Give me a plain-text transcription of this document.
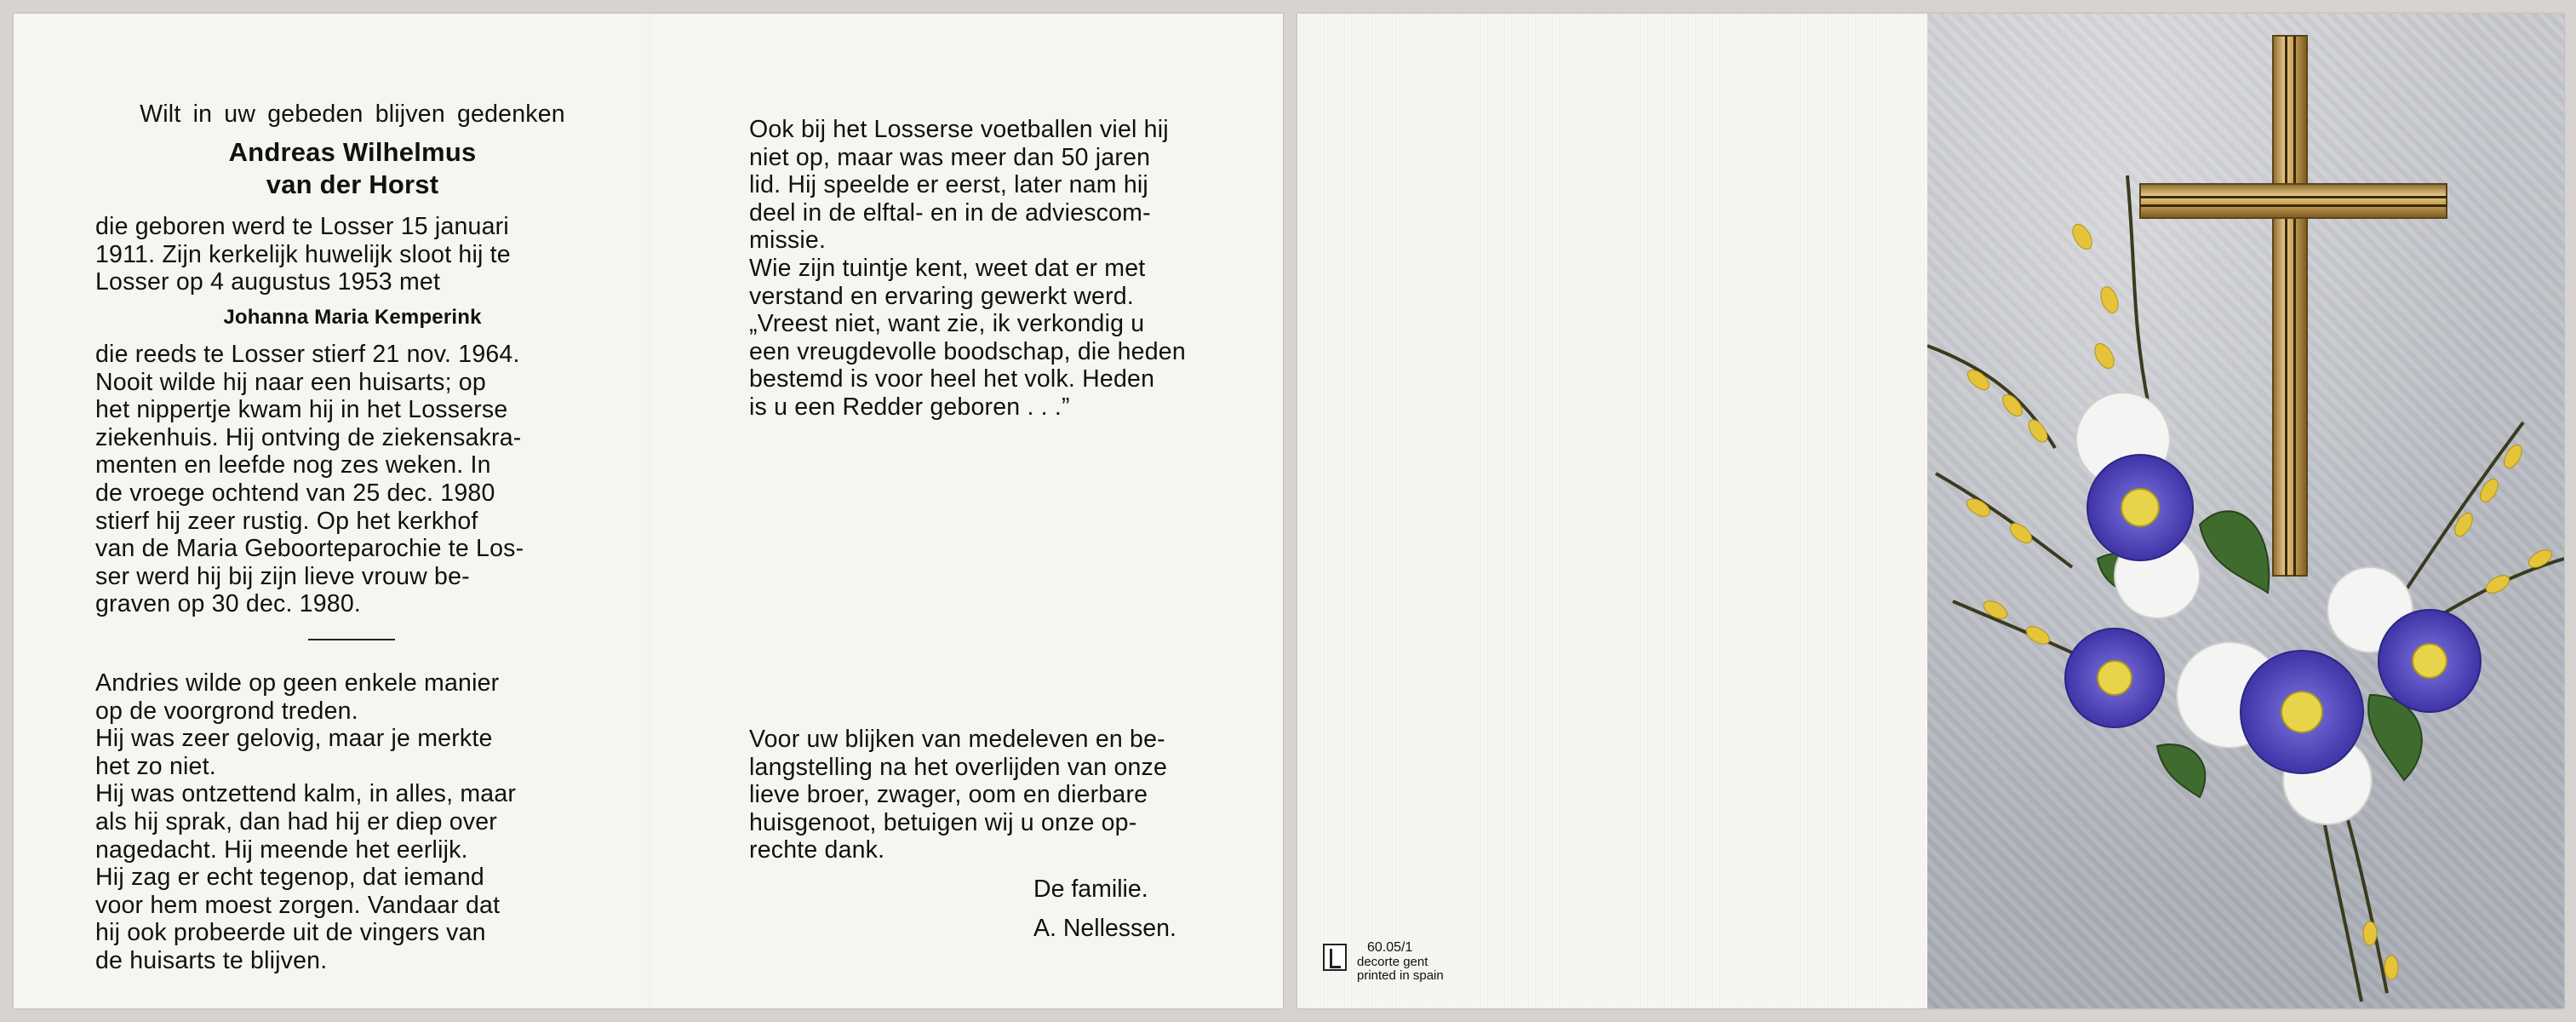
Wilt in uw gebeden blijven gedenken
Andreas Wilhelmus
van der Horst
die geboren werd te Losser 15 januari
1911. Zijn kerkelijk huwelijk sloot hij te
Losser op 4 augustus 1953 met
Johanna Maria Kemperink
die reeds te Losser stierf 21 nov. 1964.
Nooit wilde hij naar een huisarts; op
het nippertje kwam hij in het Losserse
ziekenhuis. Hij ontving de ziekensakra-
menten en leefde nog zes weken. In
de vroege ochtend van 25 dec. 1980
stierf hij zeer rustig. Op het kerkhof
van de Maria Geboorteparochie te Los-
ser werd hij bij zijn lieve vrouw be-
graven op 30 dec. 1980.
Andries wilde op geen enkele manier
op de voorgrond treden.
Hij was zeer gelovig, maar je merkte
het zo niet.
Hij was ontzettend kalm, in alles, maar
als hij sprak, dan had hij er diep over
nagedacht. Hij meende het eerlijk.
Hij zag er echt tegenop, dat iemand
voor hem moest zorgen. Vandaar dat
hij ook probeerde uit de vingers van
de huisarts te blijven.
Ook bij het Losserse voetballen viel hij
niet op, maar was meer dan 50 jaren
lid. Hij speelde er eerst, later nam hij
deel in de elftal- en in de adviescom-
missie.
Wie zijn tuintje kent, weet dat er met
verstand en ervaring gewerkt werd.
„Vreest niet, want zie, ik verkondig u
een vreugdevolle boodschap, die heden
bestemd is voor heel het volk. Heden
is u een Redder geboren . . .”
Voor uw blijken van medeleven en be-
langstelling na het overlijden van onze
lieve broer, zwager, oom en dierbare
huisgenoot, betuigen wij u onze op-
rechte dank.
De familie.
A. Nellessen.
60.05/1
decorte gent
printed in spain
